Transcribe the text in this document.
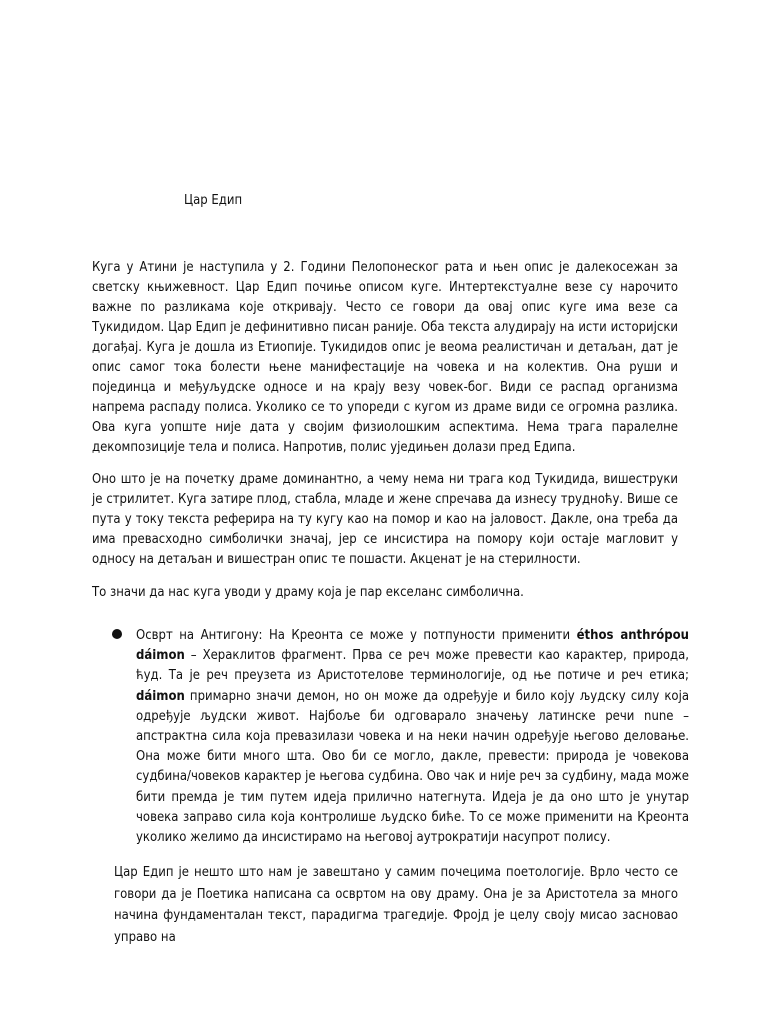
Цар Едип

Куга у Атини је наступила у 2. Години Пелопонеског рата и њен опис је далекосежан за светску књижевност. Цар Едип почиње описом куге. Интертекстуалне везе су нарочито важне по разликама које откривају. Често се говори да овај опис куге има везе са Тукидидом. Цар Едип је дефинитивно писан раније. Оба текста алудирају на исти историјски догађај. Куга је дошла из Етиопије. Тукидидов опис је веома реалистичан и детаљан, дат је опис самог тока болести њене манифестације на човека и на колектив. Она руши и појединца и међуљудске односе и на крају везу човек-бог. Види се распад организма напрема распаду полиса. Уколико се то упореди с кугом из драме види се огромна разлика. Ова куга уопште није дата у својим физиолошким аспектима. Нема трага паралелне декомпозиције тела и полиса. Напротив, полис уједињен долази пред Едипа.

Оно што је на почетку драме доминантно, а чему нема ни трага код Тукидида, вишеструки је стрилитет. Куга затире плод, стабла, младе и жене спречава да изнесу трудноћу. Више се пута у току текста реферира на ту кугу као на помор и као на јаловост. Дакле, она треба да има превасходно симболички значај, јер се инсистира на помору који остаје магловит у односу на детаљан и вишестран опис те пошасти. Акценат је на стерилности.

То значи да нас куга уводи у драму која је пар екселанс симболична.

Осврт на Антигону: На Креонта се може у потпуности применити éthos anthrópou dáimon – Хераклитов фрагмент. Прва се реч може превести као карактер, природа, ћуд. Та је реч преузета из Аристотелове терминологије, од ње потиче и реч етика; dáimon примарно значи демон, но он може да одређује и било коју људску силу која одређује људски живот. Најбоље би одговарало значењу латинске речи nune – апстрактна сила која превазилази човека и на неки начин одређује његово деловање. Она може бити много шта. Ово би се могло, дакле, превести: природа је човекова судбина/човеков карактер је његова судбина. Ово чак и није реч за судбину, мада може бити премда је тим путем идеја прилично натегнута. Идеја је да оно што је унутар човека заправо сила која контролише људско биће. То се може применити на Креонта уколико желимо да инсистирамо на његовој аутрократији насупрот полису.

Цар Едип је нешто што нам је завештано у самим почецима поетологије. Врло често се говори да је Поетика написана са освртом на ову драму. Она је за Аристотела за много начина фундаменталан текст, парадигма трагедије. Фројд је целу своју мисао засновао управо на
